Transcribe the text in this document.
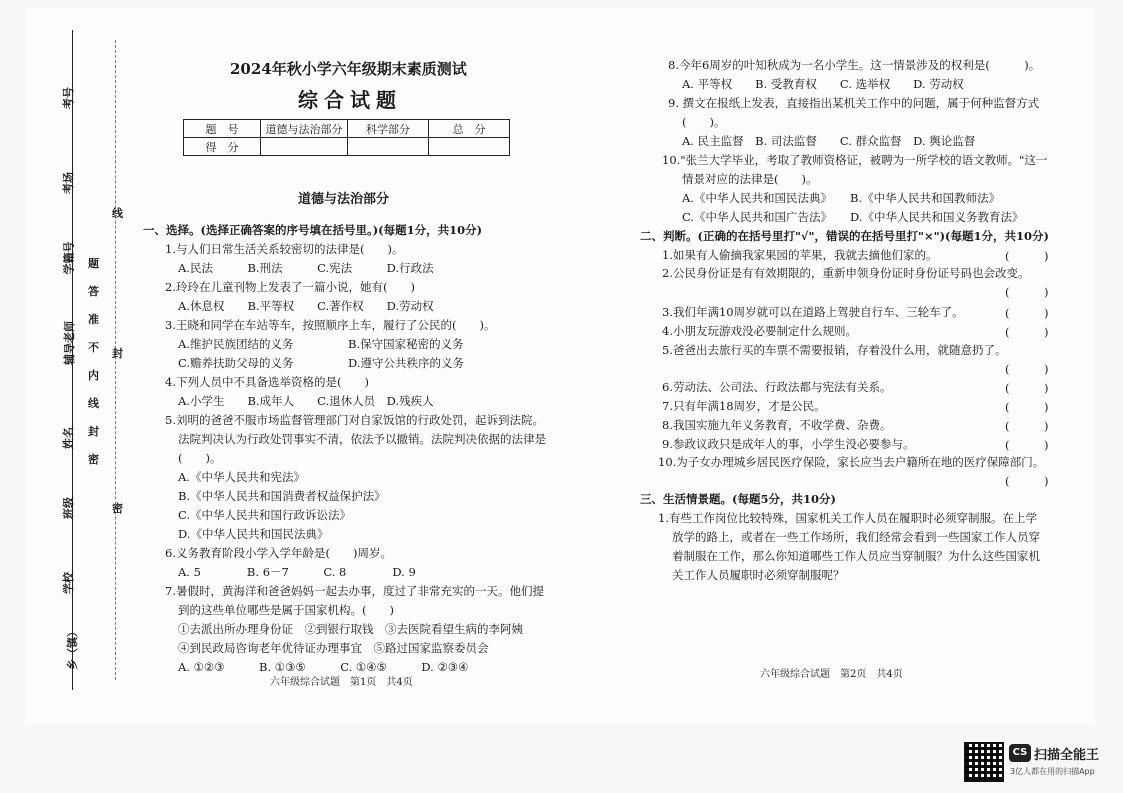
考号
考场
学籍号
辅导老师
姓名
班级
学校
乡（镇）
线
封
密
题
答
准
不
内
线
封
密
2024年秋小学六年级期末素质测试
综合试题
题　号	道德与法治部分	科学部分	总　分
得　分			
道德与法治部分
一、选择。(选择正确答案的序号填在括号里。)(每题1分，共10分)
1.与人们日常生活关系较密切的法律是(　　)。
A.民法　　　B.刑法　　　C.宪法　　　D.行政法
2.玲玲在儿童刊物上发表了一篇小说，她有(　　)
A.休息权　　B.平等权　　C.著作权　　D.劳动权
3.王晓和同学在车站等车，按照顺序上车，履行了公民的(　　)。
A.维护民族团结的义务	B.保守国家秘密的义务
C.赡养扶助父母的义务	D.遵守公共秩序的义务
4.下列人员中不具备选举资格的是(　　)
A.小学生　　B.成年人　　C.退休人员　D.残疾人
5.刘明的爸爸不服市场监督管理部门对自家饭馆的行政处罚，起诉到法院。
法院判决认为行政处罚事实不清，依法予以撤销。法院判决依据的法律是
(　　)。
A.《中华人民共和宪法》
B.《中华人民共和国消费者权益保护法》
C.《中华人民共和国行政诉讼法》
D.《中华人民共和国民法典》
6.义务教育阶段小学入学年龄是(　　)周岁。
A. 5　　　　B. 6－7　　　C. 8　　　　D. 9
7.暑假时，黄海洋和爸爸妈妈一起去办事，度过了非常充实的一天。他们提
到的这些单位哪些是属于国家机构。(　　)
①去派出所办理身份证　②到银行取钱　③去医院看望生病的李阿姨
④到民政局咨询老年优待证办理事宜　⑤路过国家监察委员会
A. ①②③　　　B. ①③⑤　　　C. ①④⑤　　　D. ②③④
六年级综合试题　第1页　共4页
8.今年6周岁的叶知秋成为一名小学生。这一情景涉及的权利是(　　　)。
A. 平等权　　B. 受教育权　　C. 选举权　　D. 劳动权
9. 撰文在报纸上发表，直接指出某机关工作中的问题，属于何种监督方式
(　　)。
A. 民主监督　B. 司法监督　　C. 群众监督　D. 舆论监督
10."张兰大学毕业，考取了教师资格证，被聘为一所学校的语文教师。"这一
情景对应的法律是(　　)。
A.《中华人民共和国民法典》 B.《中华人民共和国教师法》
C.《中华人民共和国广告法》 D.《中华人民共和国义务教育法》
二、判断。(正确的在括号里打"√"，错误的在括号里打"×")(每题1分，共10分)
1.如果有人偷摘我家果园的苹果，我就去摘他们家的。	(　　　)
2.公民身份证是有有效期限的，重新申领身份证时身份证号码也会改变。
(　　　)
3.我们年满10周岁就可以在道路上驾驶自行车、三轮车了。	(　　　)
4.小朋友玩游戏没必要制定什么规则。	(　　　)
5.爸爸出去旅行买的车票不需要报销，存着没什么用，就随意扔了。
(　　　)
6.劳动法、公司法、行政法都与宪法有关系。	(　　　)
7.只有年满18周岁，才是公民。	(　　　)
8.我国实施九年义务教育，不收学费、杂费。	(　　　)
9.参政议政只是成年人的事，小学生没必要参与。	(　　　)
10.为子女办理城乡居民医疗保险，家长应当去户籍所在地的医疗保障部门。
(　　　)
三、生活情景题。(每题5分，共10分)
1.有些工作岗位比较特殊，国家机关工作人员在履职时必须穿制服。在上学
放学的路上，或者在一些工作场所，我们经常会看到一些国家工作人员穿
着制服在工作，那么你知道哪些工作人员应当穿制服？为什么这些国家机
关工作人员履职时必须穿制服呢？
六年级综合试题　第2页　共4页
CS 扫描全能王
3亿人都在用的扫描App
